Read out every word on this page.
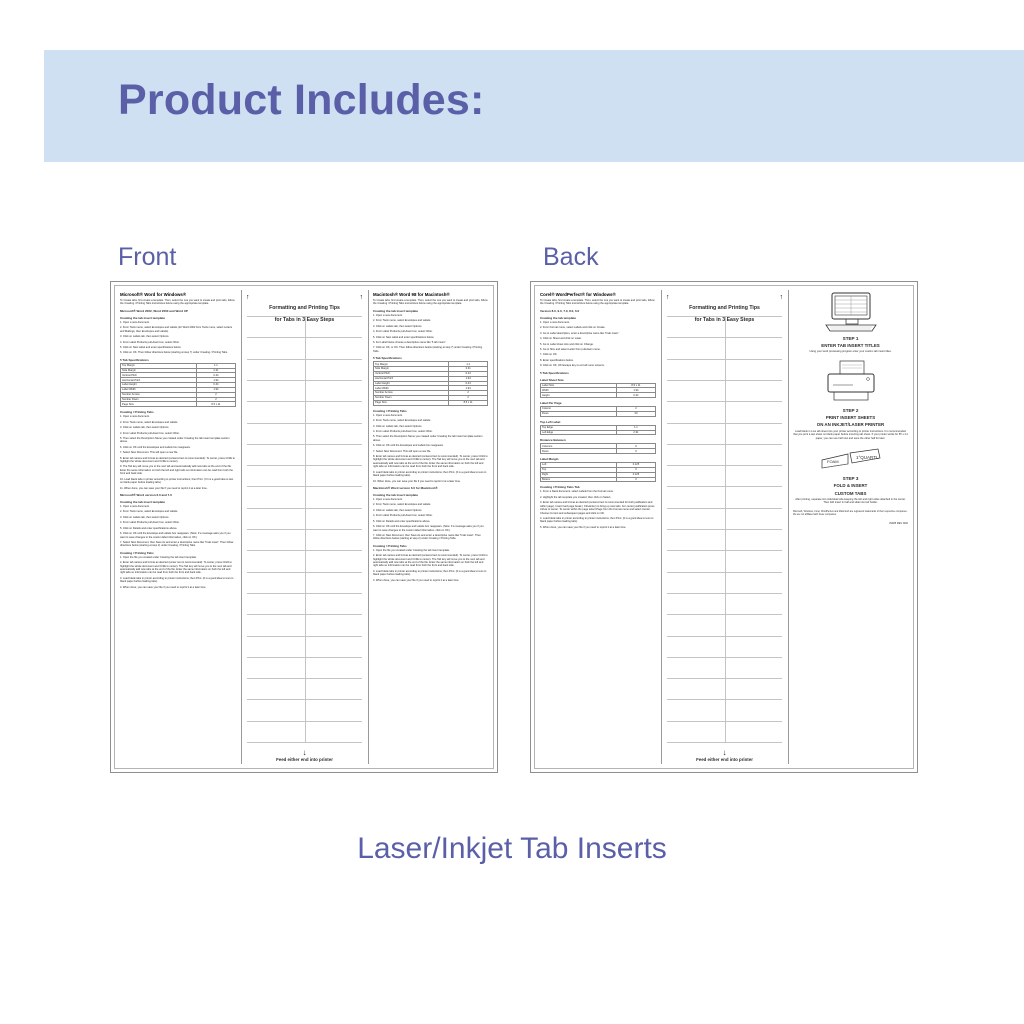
Product Includes:
Front	Back
Microsoft® Word for Windows®
To Create tabs, first create a template. Then, select the one you want to create and print tabs, follow the Creating / Printing Tabs instructions below using the appropriate template.
Microsoft® Word 2002, Word 2000 and Word XP
Creating the tab insert template
1. Open a new document.
2. From Tools menu, select Envelopes and Labels (for Word 2002 from Tools menu, select Letters and Mailings, then Envelopes and Labels).
3. Click on Labels tab, then select Options.
4. From Label Products pull-down box, select Other.
5. Click on New Label and enter specifications below.
6. Click on OK. Then follow directions below (starting at step 7) under Creating / Printing Tabs.
5 Tab Specifications
Top Margin	1.1
Side Margin	2.31
Vertical Pitch	0.44
Horizontal Pitch	1.94
Label Height	0.44
Label Width	1.94
Number Across	2
Number Down	2
Page Size	8.5 x 11
Creating / Printing Tabs
1. Open a new document.
2. From Tools menu, select Envelopes and Labels.
3. Click on Labels tab, then select Options.
4. From Label Products pull-down box, select Other.
5. Then select the Description Name you created under Creating the tab insert template section above.
6. Click on OK until the Envelopes and Labels box reappears.
7. Select New Document. This will open a new file.
8. Enter tab names and format as desired (centered text is recommended). To center, press Ctrl/E to highlight the whole document and Ctrl/E to center).
9. The Tab key will move you to the next tab and automatically add new tabs at the end of the file. Enter the same information on both the left and right tabs so information can be read from both the front and back side.
10. Load blank tabs in printer according to printer instructions; then Print. (If it is a good idea to test on blank paper before loading tabs).
11. When done, you can save your file if you need to reprint it at a later time.
Microsoft® Word version 6.0 and 7.0
Creating the tab insert template
1. Open a new document.
2. From Tools menu, select Envelopes and Labels.
3. Click on Labels tab, then select Options.
4. From Label Products pull-down box, select Other.
5. Click on Details and enter specifications above.
6. Click on OK until the Envelope and Labels box reappears. (Note: If a message asks you if you want to save changes to the custom label information, click on OK.)
7. Select New Document, then Save As and enter a descriptive name like '5 tab insert'. Then follow directions below (starting at step 2) under Creating / Printing Tabs.
Creating / Printing Tabs
1. Open the file you created under Creating the tab insert template.
2. Enter tab names and format as desired (center text is recommended). To center, press Ctrl/A to highlight the whole document and Ctrl/E to center). The Tab key will move you to the next tab and automatically add new tabs at the end of the file. Enter the same information on both the left and right tabs so information can be read from both the front and back side.
3. Load blank tabs in printer according to printer instructions; then Print. (It is a good idea to test on blank paper before loading tabs).
4. When done, you can save your file if you need to reprint it at a later time.
↑	↑
Formatting and Printing Tips
for Tabs in 3 Easy Steps
↓
Feed either end into printer
Macintosh® Word 98 for Macintosh®
To Create tabs, first create a template. Then, select the one you want to create and print tabs, follow the Creating / Printing Tabs instructions below using the appropriate template.
Creating the tab insert template
1. Open a new document.
2. From Tools menu, select Envelopes and Labels.
3. Click on Labels tab, then select Options.
4. From Label Products pull-down box, select Other.
5. Click on New Label and enter specifications below.
6. For Label Name choose a descriptive name like '5 tab insert.'
7. Click on OK, or OK. Then follow directions below (starting at step 7) under Creating / Printing Tabs.
5 Tab Specifications
Top Margin	1.1
Side Margin	2.31
Vertical Pitch	0.44
Horizontal Pitch	1.94
Label Height	0.44
Label Width	1.94
Number Across	2
Number Down	2
Page Size	8.5 x 11
Creating / Printing Tabs
1. Open a new document.
2. From Tools menu, select Envelopes and Labels.
3. Click on Labels tab, then select Options.
4. From Label Products pull-down box, select Other.
5. Then select the Description Name you created under Creating the tab insert template section above.
6. Click on OK until the Envelopes and Labels box reappears.
7. Select New Document. This will open a new file.
8. Enter tab names and format as desired (centered text is recommended). To center, press Ctrl/A to highlight the whole document and Ctrl/E to center). The Tab key will move you to the next tab and automatically add new tabs at the end of the file. Enter the same information on both the left and right tabs so information can be read from both the front and back side.
9. Load blank tabs in printer according to printer instructions; then Print. (It is a good idea to test on blank paper before loading tabs).
10. When done, you can save your file if you need to reprint it at a later time.
Macintosh® Word version 6.0 for Macintosh®
Creating the tab insert template
1. Open a new document.
2. From Tools menu, select Envelopes and Labels.
3. Click on Labels tab, then select Options.
4. From Label Products pull-down box, select Other.
5. Click on Details and enter specifications above.
6. Click on OK until the Envelope and Labels box reappears. (Note: If a message asks you if you want to save changes to the custom label information, click on OK.)
7. Click on New Document, then Save As and enter a descriptive name like '5 tab insert'. Then follow directions below (starting at step 2) under Creating / Printing Tabs.
Creating / Printing Tabs
1. Open the file you created under Creating the tab insert template.
2. Enter tab names and format as desired (centered text is recommended). To center, press Ctrl/A to highlight the whole document and Ctrl/E to center). The Tab key will move you to the next tab and automatically add new tabs at the end of the file. Enter the same information on both the left and right tabs so information can be read from both the front and back side.
3. Load blank tabs in printer according to printer instructions; then Print. (It is a good idea to test on blank paper before loading tabs).
4. When done, you can save your file if you need to reprint it at a later time.
Corel® WordPerfect® for Windows®
To Create tabs, first create a template. Then, select the one you want to create and print tabs, follow the Creating / Printing Tabs instructions below using the appropriate template.
Version 8.0, 9.0, 7.0, 8.0, 6.0
Creating the tab template
1. Open a new document.
2. From Format menu, select Labels and click on Create.
3. Go to Label description, enter a descriptive name like '5 tab insert.'
4. Click on Sheet and click on Laser.
5. Go to Label sheet size and click on Change.
6. Go to Size and select Letter from pull-down menu.
7. Click on OK.
8. Enter specifications below.
9. Click on OK, OK Escape key to exit all menu screens.
5 Tab Specifications
Label Sheet Size
Label Size	8.5 x 11
Width	1.94
Height	0.44
Label Per Page
Column	2
Rows	20
Top Left Label
Top Edge	1.1
Left Edge	2.31
Distance Between
Columns	0
Rows	0
Label Margin
Left	0.125
Top	0
Right	0.125
Bottom	0
Creating / Printing Tabs Tab
1. From a blank document, select Labels from the Format menu.
2. Highlight the tab template you created, then click on Select.
3. Enter tab names and format as desired (centered text is recommended for both justification and within page). Insert hard page break ( Ctrl+Enter) to bring up new tabs. For center justification press Ctrl+E to center. To center within the page select Page from the Format menu and select Center. Choose Current and subsequent pages and click on OK.
4. Load blank tabs in printer according to printer instructions; then Print. (It is a good idea to test on blank paper before loading tabs).
5. When done, you can save your file if you need to reprint it at a later time.
↑	↑
Formatting and Printing Tips
for Tabs in 3 Easy Steps
↓
Feed either end into printer
STEP 1
ENTER TAB INSERT TITLES
Using your word processing program enter your custom tab insert titles.
STEP 2
PRINT INSERT SHEETS
ON AN INKJET/LASER PRINTER
Load blank C-Line tab sheet into your printer according to printer instructions. It is recommended that you print a test sheet on blank paper before inserting tab sheet. If your printer works for 8½ x 11 paper, you can use half now and save the other half for later.
FOAM
1°QUARTL
STEP 3
FOLD & INSERT
CUSTOM TABS
After printing, separate into individual tabs keeping the left and right sides attached in the center. Then fold insert in half and slide into tab holder.
Microsoft, Windows, Corel, WordPerfect and Macintosh are registered trademarks of their respective companies. We are not affiliated with these companies.
IN005 REV 9/02
Laser/Inkjet Tab Inserts
